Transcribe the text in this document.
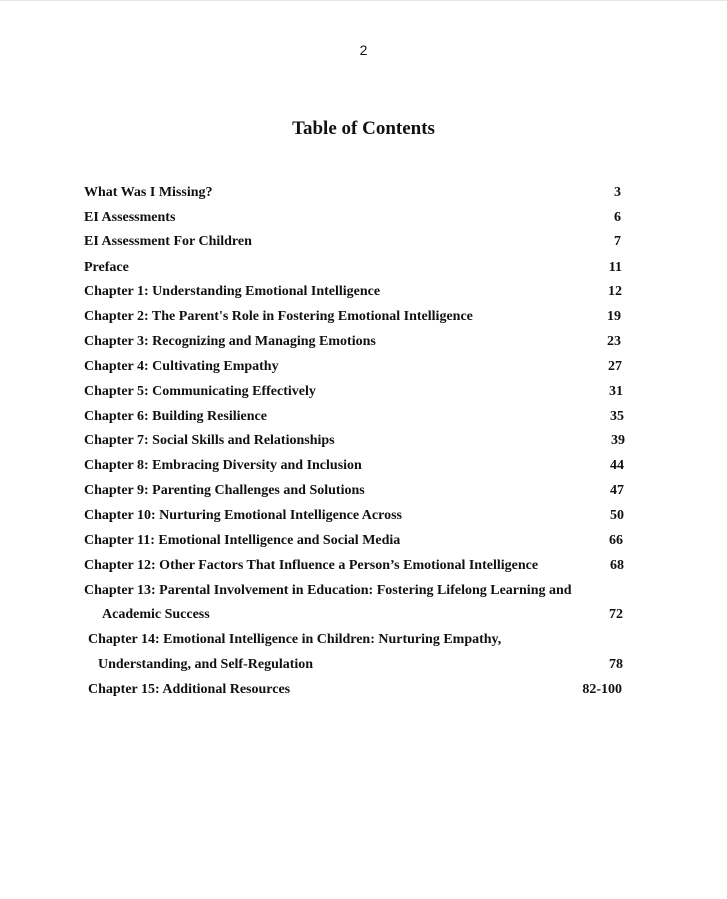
2
Table of Contents
What Was I Missing?	3
EI Assessments	6
EI Assessment For Children	7
Preface	11
Chapter 1: Understanding Emotional Intelligence	12
Chapter 2: The Parent's Role in Fostering Emotional Intelligence	19
Chapter 3: Recognizing and Managing Emotions	23
Chapter 4: Cultivating Empathy	27
Chapter 5: Communicating Effectively	31
Chapter 6: Building Resilience	35
Chapter 7: Social Skills and Relationships	39
Chapter 8: Embracing Diversity and Inclusion	44
Chapter 9: Parenting Challenges and Solutions	47
Chapter 10: Nurturing Emotional Intelligence Across	50
Chapter 11: Emotional Intelligence and Social Media	66
Chapter 12: Other Factors That Influence a Person’s Emotional Intelligence	68
Chapter 13: Parental Involvement in Education: Fostering Lifelong Learning and
Academic Success	72
Chapter 14: Emotional Intelligence in Children: Nurturing Empathy,
Understanding, and Self-Regulation	78
Chapter 15: Additional Resources	82-100
